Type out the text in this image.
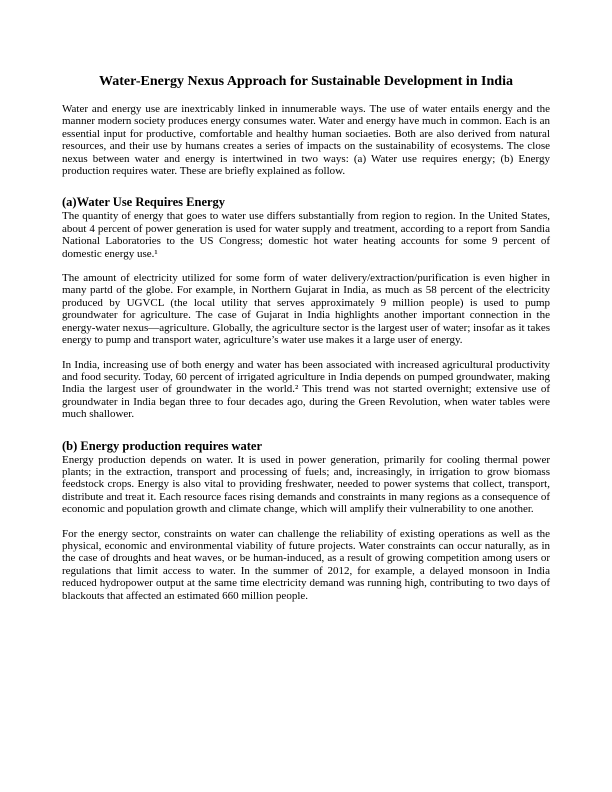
Water-Energy Nexus Approach for Sustainable Development in India

Water and energy use are inextricably linked in innumerable ways. The use of water entails energy and the manner modern society produces energy consumes water. Water and energy have much in common. Each is an essential input for productive, comfortable and healthy human sociaeties. Both are also derived from natural resources, and their use by humans creates a series of impacts on the sustainability of ecosystems. The close nexus between water and energy is intertwined in two ways: (a) Water use requires energy; (b) Energy production requires water. These are briefly explained as follow.

(a)Water Use Requires Energy

The quantity of energy that goes to water use differs substantially from region to region. In the United States, about 4 percent of power generation is used for water supply and treatment, according to a report from Sandia National Laboratories to the US Congress; domestic hot water heating accounts for some 9 percent of domestic energy use.¹

The amount of electricity utilized for some form of water delivery/extraction/purification is even higher in many partd of the globe. For example, in Northern Gujarat in India, as much as 58 percent of the electricity produced by UGVCL (the local utility that serves approximately 9 million people) is used to pump groundwater for agriculture. The case of Gujarat in India highlights another important connection in the energy-water nexus—agriculture. Globally, the agriculture sector is the largest user of water; insofar as it takes energy to pump and transport water, agriculture’s water use makes it a large user of energy.

In India, increasing use of both energy and water has been associated with increased agricultural productivity and food security. Today, 60 percent of irrigated agriculture in India depends on pumped groundwater, making India the largest user of groundwater in the world.² This trend was not started overnight; extensive use of groundwater in India began three to four decades ago, during the Green Revolution, when water tables were much shallower.

(b) Energy production requires water

Energy production depends on water. It is used in power generation, primarily for cooling thermal power plants; in the extraction, transport and processing of fuels; and, increasingly, in irrigation to grow biomass feedstock crops. Energy is also vital to providing freshwater, needed to power systems that collect, transport, distribute and treat it. Each resource faces rising demands and constraints in many regions as a consequence of economic and population growth and climate change, which will amplify their vulnerability to one another.

For the energy sector, constraints on water can challenge the reliability of existing operations as well as the physical, economic and environmental viability of future projects. Water constraints can occur naturally, as in the case of droughts and heat waves, or be human-induced, as a result of growing competition among users or regulations that limit access to water. In the summer of 2012, for example, a delayed monsoon in India reduced hydropower output at the same time electricity demand was running high, contributing to two days of blackouts that affected an estimated 660 million people.
